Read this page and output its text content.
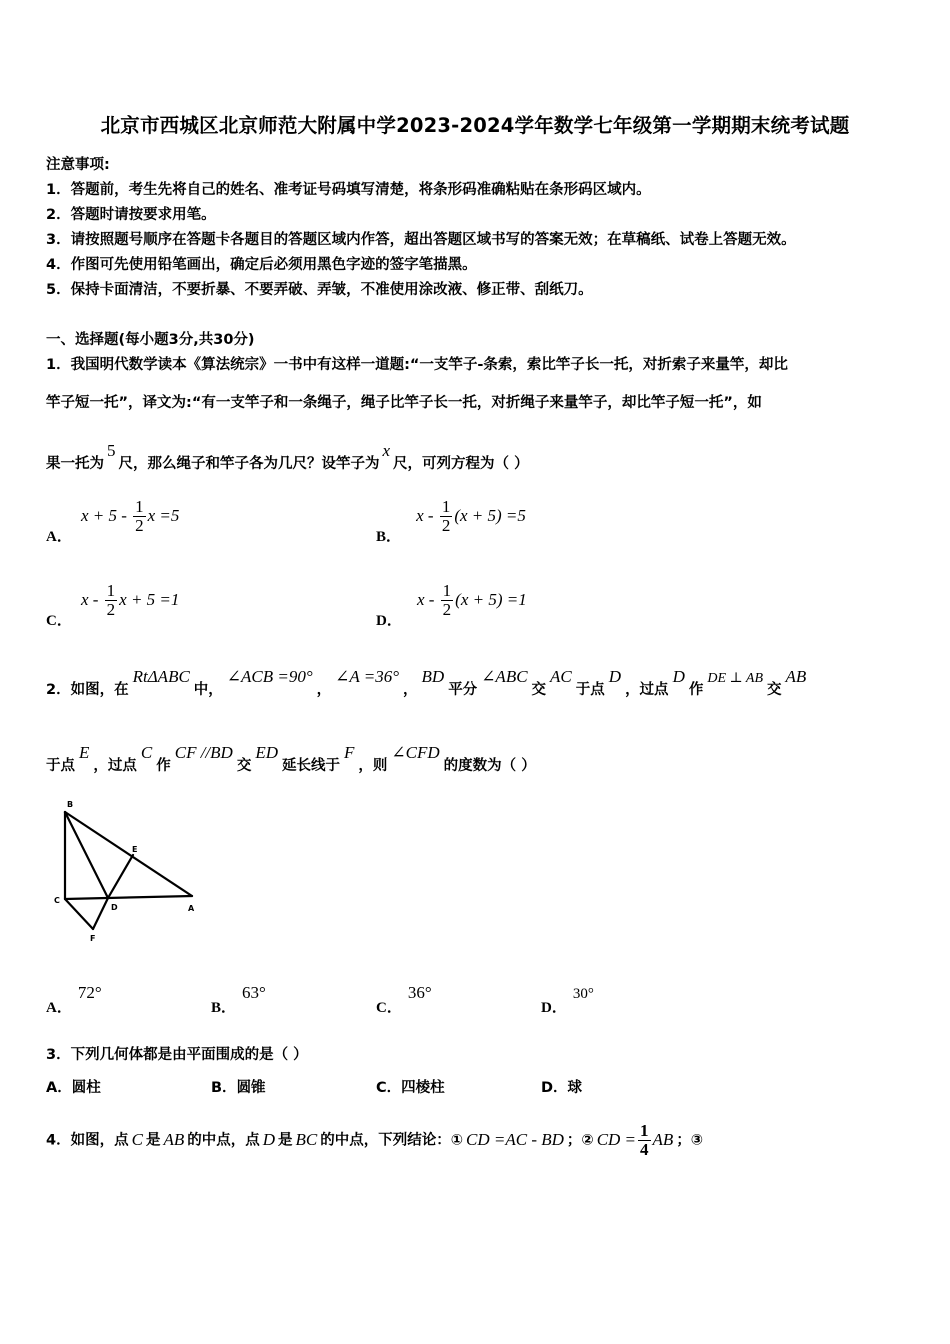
北京市西城区北京师范大附属中学2023-2024学年数学七年级第一学期期末统考试题
注意事项:
1．答题前，考生先将自己的姓名、准考证号码填写清楚，将条形码准确粘贴在条形码区域内。
2．答题时请按要求用笔。
3．请按照题号顺序在答题卡各题目的答题区域内作答，超出答题区域书写的答案无效；在草稿纸、试卷上答题无效。
4．作图可先使用铅笔画出，确定后必须用黑色字迹的签字笔描黑。
5．保持卡面清洁，不要折暴、不要弄破、弄皱，不准使用涂改液、修正带、刮纸刀。
一、选择题(每小题3分,共30分)
1．我国明代数学读本《算法统宗》一书中有这样一道题:“一支竿子-条索，索比竿子长一托，对折索子来量竿，却比
竿子短一托”，译文为:“有一支竿子和一条绳子，绳子比竿子长一托，对折绳子来量竿子，却比竿子短一托”，如
果一托为5尺，那么绳子和竿子各为几尺？设竿子为x尺，可列方程为（ ）
A． $x + 5 - \frac{1}{2}$ x =5
B． $x - \frac{1}{2} (x + 5) =5$
C． x - $\frac{1}{2}$ x + 5 =1
D． $x - \frac{1}{2} (x + 5) =1$
2．如图，在RtΔABC中，∠ACB =90°，∠A =36°，BD平分∠ABC交AC于点D，过点D作DE ⊥ AB交AB
于点E，过点C作CF //BD交ED延长线于F，则∠CFD的度数为（ ）
B
E
C
D	A
F
A．72°
B．63°
C．36°
D．30°
3．下列几何体都是由平面围成的是（ ）
A．圆柱	B．圆锥	C．四棱柱	D．球
4．如图，点 C 是 AB 的中点，点 D 是 BC 的中点，下列结论：① CD =AC - BD ；② CD = $\frac{1}{4}$ AB ；③
